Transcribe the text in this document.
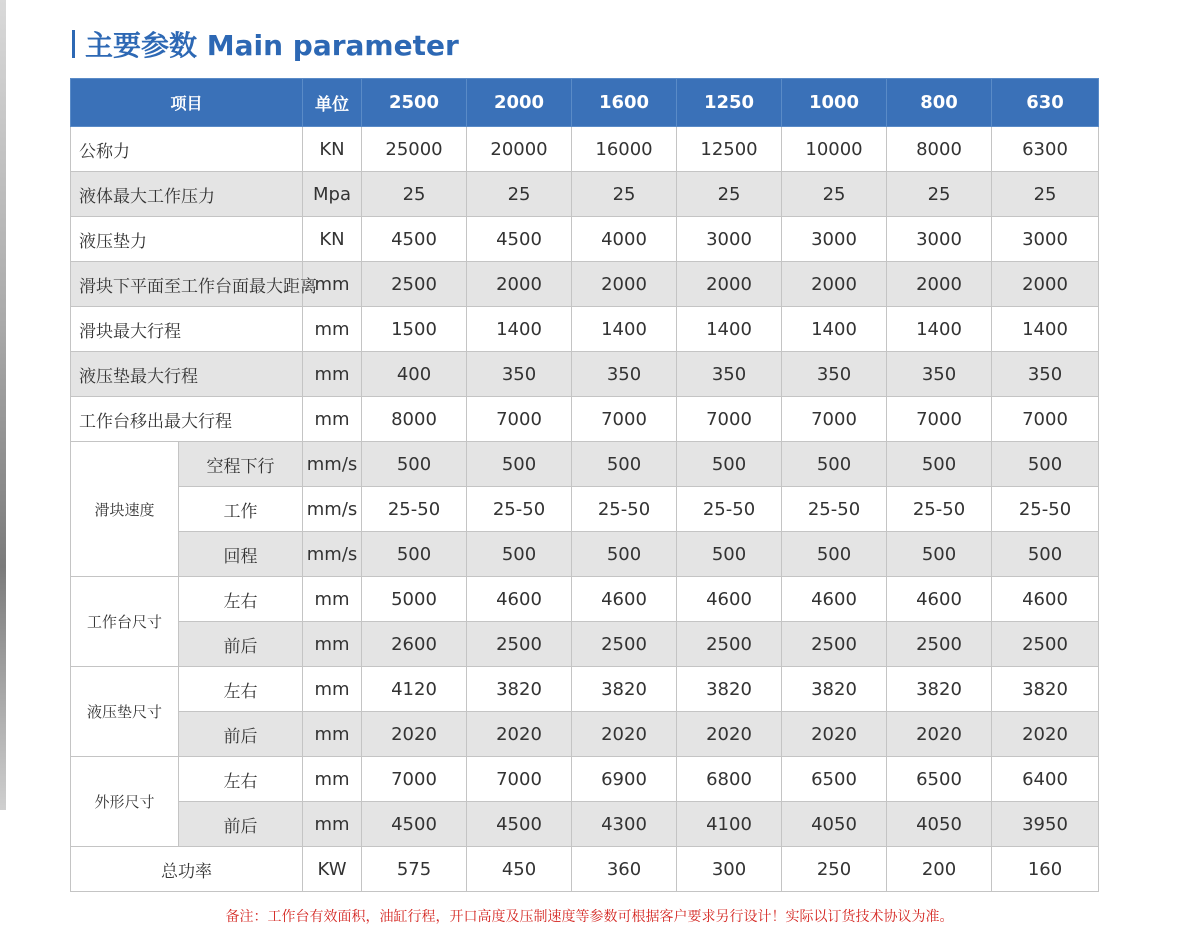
主要参数 Main parameter
项目		单位	2500	2000	1600	1250	1000	800	630
公称力		KN	25000	20000	16000	12500	10000	8000	6300
液体最大工作压力		Mpa	25	25	25	25	25	25	25
液压垫力		KN	4500	4500	4000	3000	3000	3000	3000
滑块下平面至工作台面最大距离		mm	2500	2000	2000	2000	2000	2000	2000
滑块最大行程		mm	1500	1400	1400	1400	1400	1400	1400
液压垫最大行程		mm	400	350	350	350	350	350	350
工作台移出最大行程		mm	8000	7000	7000	7000	7000	7000	7000
滑块速度	空程下行	mm/s	500	500	500	500	500	500	500
	工作	mm/s	25-50	25-50	25-50	25-50	25-50	25-50	25-50
	回程	mm/s	500	500	500	500	500	500	500
工作台尺寸	左右	mm	5000	4600	4600	4600	4600	4600	4600
	前后	mm	2600	2500	2500	2500	2500	2500	2500
液压垫尺寸	左右	mm	4120	3820	3820	3820	3820	3820	3820
	前后	mm	2020	2020	2020	2020	2020	2020	2020
外形尺寸	左右	mm	7000	7000	6900	6800	6500	6500	6400
	前后	mm	4500	4500	4300	4100	4050	4050	3950
总功率		KW	575	450	360	300	250	200	160
备注：工作台有效面积，油缸行程，开口高度及压制速度等参数可根据客户要求另行设计！实际以订货技术协议为准。
